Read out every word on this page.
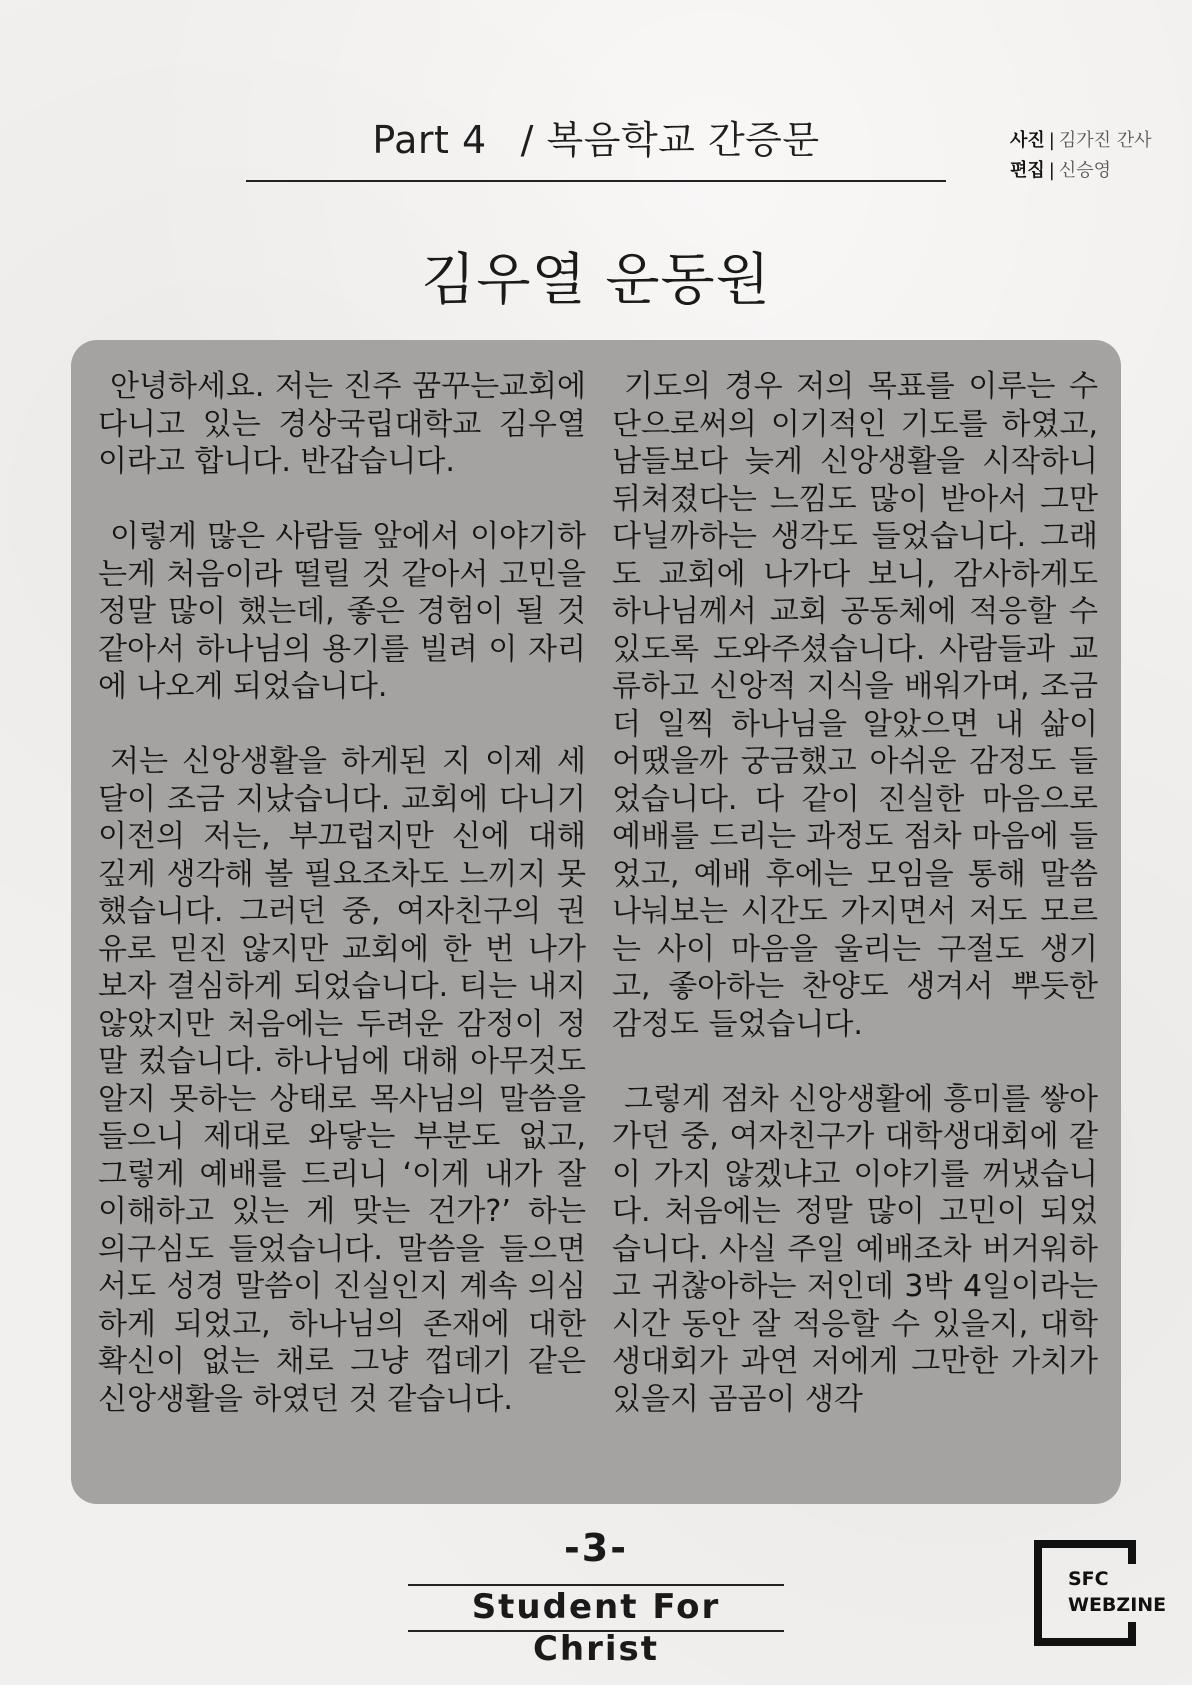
Part 4 / 복음학교 간증문	사진 | 김가진 간사
편집 | 신승영
김우열 운동원

안녕하세요. 저는 진주 꿈꾸는교회에 다니고 있는 경상국립대학교 김우열이라고 합니다. 반갑습니다.

이렇게 많은 사람들 앞에서 이야기하는게 처음이라 떨릴 것 같아서 고민을 정말 많이 했는데, 좋은 경험이 될 것 같아서 하나님의 용기를 빌려 이 자리에 나오게 되었습니다.

저는 신앙생활을 하게된 지 이제 세 달이 조금 지났습니다. 교회에 다니기 이전의 저는, 부끄럽지만 신에 대해 깊게 생각해 볼 필요조차도 느끼지 못했습니다. 그러던 중, 여자친구의 권유로 믿진 않지만 교회에 한 번 나가보자 결심하게 되었습니다. 티는 내지 않았지만 처음에는 두려운 감정이 정말 컸습니다. 하나님에 대해 아무것도 알지 못하는 상태로 목사님의 말씀을 들으니 제대로 와닿는 부분도 없고, 그렇게 예배를 드리니 ‘이게 내가 잘 이해하고 있는 게 맞는 건가?’ 하는 의구심도 들었습니다. 말씀을 들으면서도 성경 말씀이 진실인지 계속 의심하게 되었고, 하나님의 존재에 대한 확신이 없는 채로 그냥 껍데기 같은 신앙생활을 하였던 것 같습니다.

기도의 경우 저의 목표를 이루는 수단으로써의 이기적인 기도를 하였고, 남들보다 늦게 신앙생활을 시작하니 뒤쳐졌다는 느낌도 많이 받아서 그만 다닐까하는 생각도 들었습니다. 그래도 교회에 나가다 보니, 감사하게도 하나님께서 교회 공동체에 적응할 수 있도록 도와주셨습니다. 사람들과 교류하고 신앙적 지식을 배워가며, 조금 더 일찍 하나님을 알았으면 내 삶이 어땠을까 궁금했고 아쉬운 감정도 들었습니다. 다 같이 진실한 마음으로 예배를 드리는 과정도 점차 마음에 들었고, 예배 후에는 모임을 통해 말씀 나눠보는 시간도 가지면서 저도 모르는 사이 마음을 울리는 구절도 생기고, 좋아하는 찬양도 생겨서 뿌듯한 감정도 들었습니다.

그렇게 점차 신앙생활에 흥미를 쌓아가던 중, 여자친구가 대학생대회에 같이 가지 않겠냐고 이야기를 꺼냈습니다. 처음에는 정말 많이 고민이 되었습니다. 사실 주일 예배조차 버거워하고 귀찮아하는 저인데 3박 4일이라는 시간 동안 잘 적응할 수 있을지, 대학생대회가 과연 저에게 그만한 가치가 있을지 곰곰이 생각

-3-
Student For Christ
SFC
WEBZINE
